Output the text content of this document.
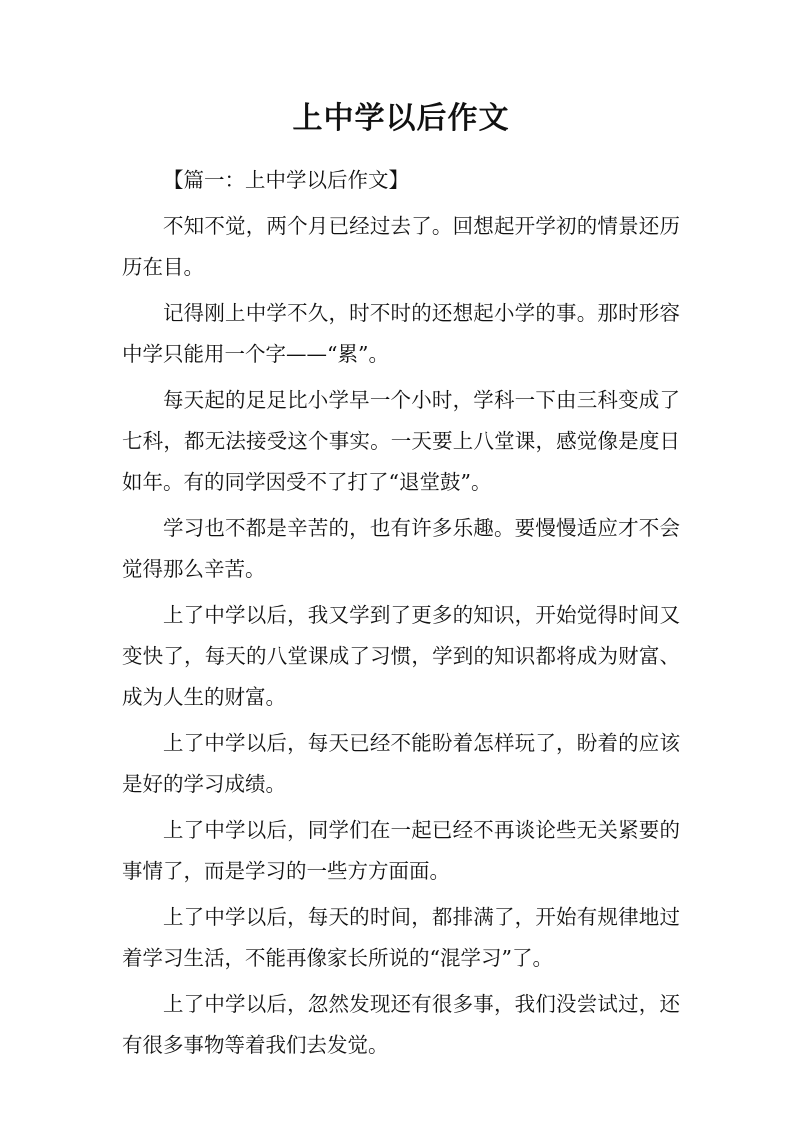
上中学以后作文

【篇一：上中学以后作文】

不知不觉，两个月已经过去了。回想起开学初的情景还历历在目。

记得刚上中学不久，时不时的还想起小学的事。那时形容中学只能用一个字——“累”。

每天起的足足比小学早一个小时，学科一下由三科变成了七科，都无法接受这个事实。一天要上八堂课，感觉像是度日如年。有的同学因受不了打了“退堂鼓”。

学习也不都是辛苦的，也有许多乐趣。要慢慢适应才不会觉得那么辛苦。

上了中学以后，我又学到了更多的知识，开始觉得时间又变快了，每天的八堂课成了习惯，学到的知识都将成为财富、成为人生的财富。

上了中学以后，每天已经不能盼着怎样玩了，盼着的应该是好的学习成绩。

上了中学以后，同学们在一起已经不再谈论些无关紧要的事情了，而是学习的一些方方面面。

上了中学以后，每天的时间，都排满了，开始有规律地过着学习生活，不能再像家长所说的“混学习”了。

上了中学以后，忽然发现还有很多事，我们没尝试过，还有很多事物等着我们去发觉。
